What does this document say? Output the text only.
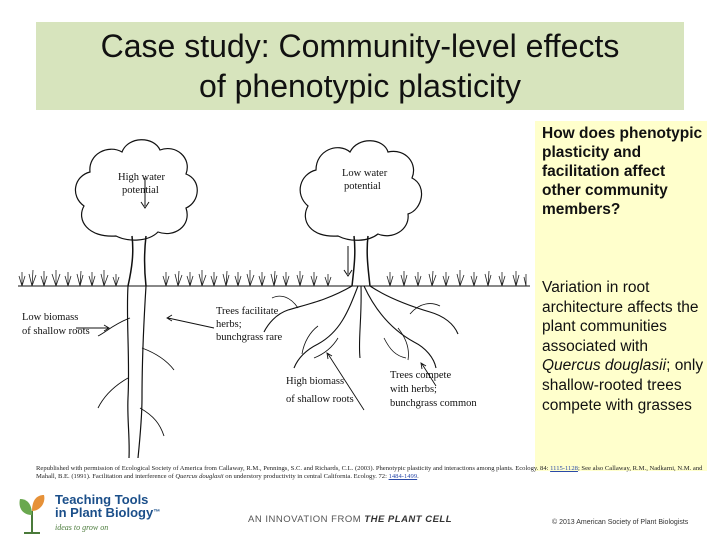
Case study: Community-level effects
of phenotypic plasticity
High water potential
Low water potential
Low biomass of shallow roots
Trees facilitate herbs; bunchgrass rare
High biomass of shallow roots
Trees compete with herbs; bunchgrass common
How does phenotypic plasticity and facilitation affect other community members?
Variation in root architecture affects the plant communities associated with Quercus douglasii; only shallow-rooted trees compete with grasses
Republished with permission of Ecological Society of America from Callaway, R.M., Pennings, S.C. and Richards, C.L. (2003). Phenotypic plasticity and interactions among plants. Ecology. 84: 1115-1128; See also Callaway, R.M., Nadkarni, N.M. and Mahall, B.E. (1991). Facilitation and interference of Quercus douglasii on understory productivity in central California. Ecology. 72: 1484-1499.
Teaching Tools
in Plant Biology™
ideas to grow on
AN INNOVATION FROM THE PLANT CELL	© 2013 American Society of Plant Biologists
